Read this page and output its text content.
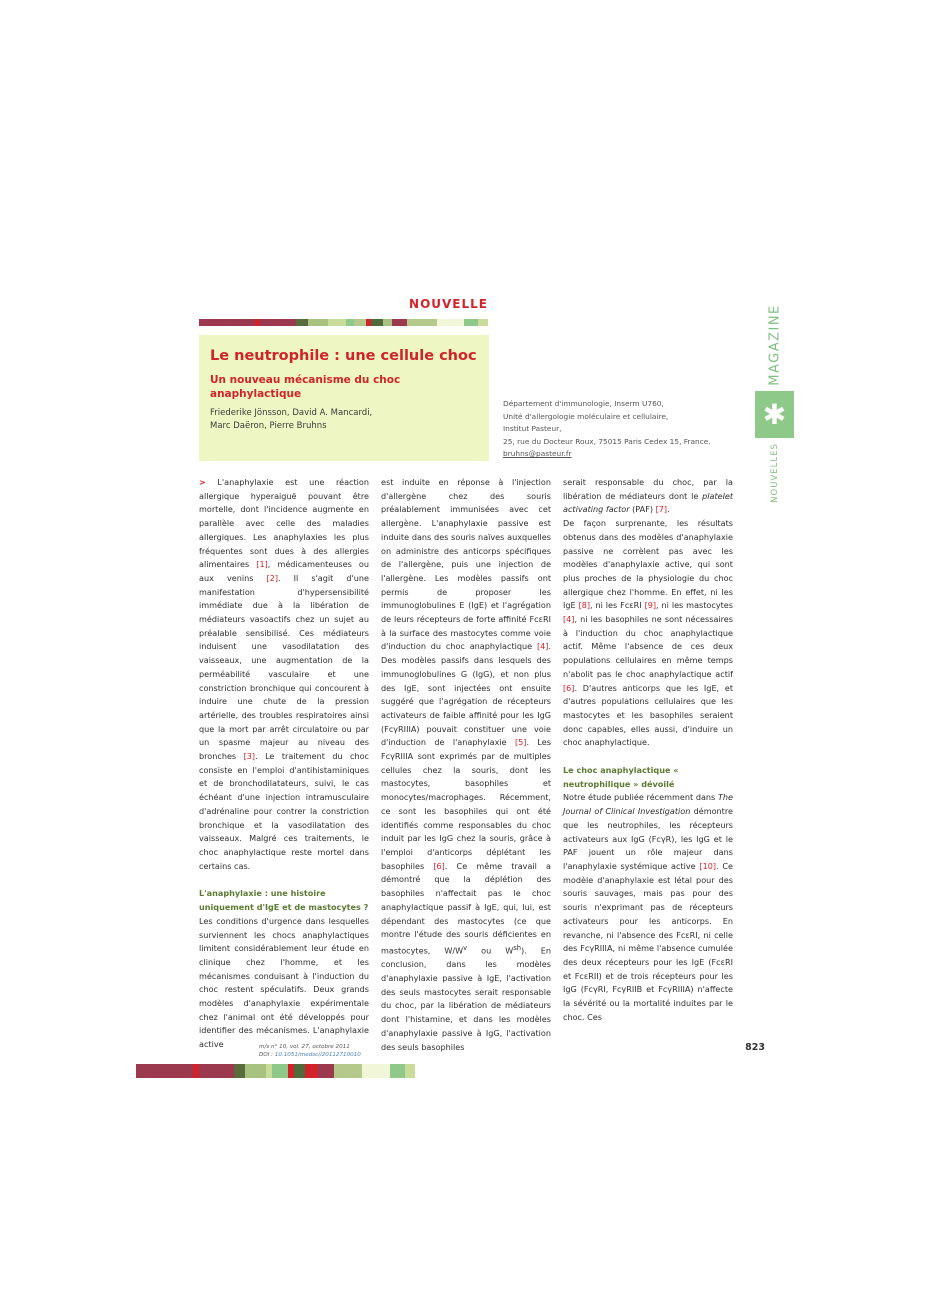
NOUVELLE
Le neutrophile : une cellule choc
Un nouveau mécanisme du choc anaphylactique

Friederike Jönsson, David A. Mancardi,
Marc Daëron, Pierre Bruhns

Département d'immunologie, Inserm U760,
Unité d'allergologie moléculaire et cellulaire,
Institut Pasteur,
25, rue du Docteur Roux, 75015 Paris Cedex 15, France.
bruhns@pasteur.fr
MAGAZINE
✱
NOUVELLES

> L'anaphylaxie est une réaction allergique hyperaiguë pouvant être mortelle, dont l'incidence augmente en parallèle avec celle des maladies allergiques. Les anaphylaxies les plus fréquentes sont dues à des allergies alimentaires [1], médicamenteuses ou aux venins [2]. Il s'agit d'une manifestation d'hypersensibilité immédiate due à la libération de médiateurs vasoactifs chez un sujet au préalable sensibilisé. Ces médiateurs induisent une vasodilatation des vaisseaux, une augmentation de la perméabilité vasculaire et une constriction bronchique qui concourent à induire une chute de la pression artérielle, des troubles respiratoires ainsi que la mort par arrêt circulatoire ou par un spasme majeur au niveau des bronches [3]. Le traitement du choc consiste en l'emploi d'antihistaminiques et de bronchodilatateurs, suivi, le cas échéant d'une injection intramusculaire d'adrénaline pour contrer la constriction bronchique et la vasodilatation des vaisseaux. Malgré ces traitements, le choc anaphylactique reste mortel dans certains cas.

L'anaphylaxie : une histoire uniquement d'IgE et de mastocytes ?

Les conditions d'urgence dans lesquelles surviennent les chocs anaphylactiques limitent considérablement leur étude en clinique chez l'homme, et les mécanismes conduisant à l'induction du choc restent spéculatifs. Deux grands modèles d'anaphylaxie expérimentale chez l'animal ont été développés pour identifier des mécanismes. L'anaphylaxie active

est induite en réponse à l'injection d'allergène chez des souris préalablement immunisées avec cet allergène. L'anaphylaxie passive est induite dans des souris naïves auxquelles on administre des anticorps spécifiques de l'allergène, puis une injection de l'allergène. Les modèles passifs ont permis de proposer les immunoglobulines E (IgE) et l'agrégation de leurs récepteurs de forte affinité FcεRI à la surface des mastocytes comme voie d'induction du choc anaphylactique [4]. Des modèles passifs dans lesquels des immunoglobulines G (IgG), et non plus des IgE, sont injectées ont ensuite suggéré que l'agrégation de récepteurs activateurs de faible affinité pour les IgG (FcγRIIIA) pouvait constituer une voie d'induction de l'anaphylaxie [5]. Les FcγRIIIA sont exprimés par de multiples cellules chez la souris, dont les mastocytes, basophiles et monocytes/macrophages. Récemment, ce sont les basophiles qui ont été identifiés comme responsables du choc induit par les IgG chez la souris, grâce à l'emploi d'anticorps déplétant les basophiles [6]. Ce même travail a démontré que la déplétion des basophiles n'affectait pas le choc anaphylactique passif à IgE, qui, lui, est dépendant des mastocytes (ce que montre l'étude des souris déficientes en mastocytes, $W/W^v$ ou $W^{sh}$). En conclusion, dans les modèles d'anaphylaxie passive à IgE, l'activation des seuls mastocytes serait responsable du choc, par la libération de médiateurs dont l'histamine, et dans les modèles d'anaphylaxie passive à IgG, l'activation des seuls basophiles

serait responsable du choc, par la libération de médiateurs dont le platelet activating factor (PAF) [7].

De façon surprenante, les résultats obtenus dans des modèles d'anaphylaxie passive ne corrèlent pas avec les modèles d'anaphylaxie active, qui sont plus proches de la physiologie du choc allergique chez l'homme. En effet, ni les IgE [8], ni les FcεRI [9], ni les mastocytes [4], ni les basophiles ne sont nécessaires à l'induction du choc anaphylactique actif. Même l'absence de ces deux populations cellulaires en même temps n'abolit pas le choc anaphylactique actif [6]. D'autres anticorps que les IgE, et d'autres populations cellulaires que les mastocytes et les basophiles seraient donc capables, elles aussi, d'induire un choc anaphylactique.

Le choc anaphylactique « neutrophilique » dévoilé

Notre étude publiée récemment dans The Journal of Clinical Investigation démontre que les neutrophiles, les récepteurs activateurs aux IgG (FcγR), les IgG et le PAF jouent un rôle majeur dans l'anaphylaxie systémique active [10]. Ce modèle d'anaphylaxie est létal pour des souris sauvages, mais pas pour des souris n'exprimant pas de récepteurs activateurs pour les anticorps. En revanche, ni l'absence des FcεRI, ni celle des FcγRIIIA, ni même l'absence cumulée des deux récepteurs pour les IgE (FcεRI et FcεRII) et de trois récepteurs pour les IgG (FcγRI, FcγRIIB et FcγRIIIA) n'affecte la sévérité ou la mortalité induites par le choc. Ces

m/s n° 10, vol. 27, octobre 2011
DOI : 10.1051/medsci/20112710010
823
